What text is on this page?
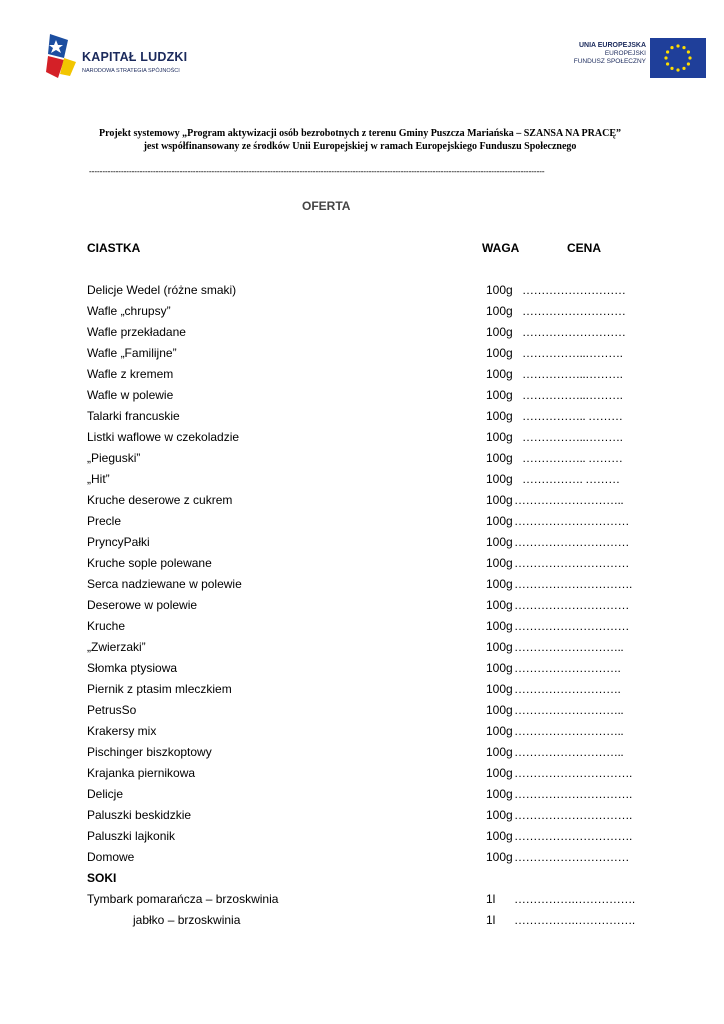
KAPITAŁ LUDZKI
NARODOWA STRATEGIA SPÓJNOŚCI
UNIA EUROPEJSKA
EUROPEJSKI
FUNDUSZ SPOŁECZNY
Projekt systemowy „Program aktywizacji osób bezrobotnych z terenu Gminy Puszcza Mariańska – SZANSA NA PRACĘ”
jest współfinansowany ze środków Unii Europejskiej w ramach Europejskiego Funduszu Społecznego
---------------------------------------------------------------------------------------------------------------------------------------------------------------------------
OFERTA
CIASTKA	WAGA	CENA
Delicje Wedel (różne smaki)	100g ………………………
Wafle „chrupsy”	100g ………………………
Wafle przekładane	100g ………………………
Wafle „Familijne”	100g ……………..……….
Wafle z kremem	100g ……………..……….
Wafle w polewie	100g ……………..……….
Talarki francuskie	100g …………….. ………
Listki waflowe w czekoladzie	100g ……………..……….
„Pieguski”	100g …………….. ………
„Hit”	100g ……………. ………
Kruche deserowe z cukrem	100g ………………………..
Precle	100g …………………………
PryncyPałki	100g …………………………
Kruche sople polewane	100g …………………………
Serca nadziewane w polewie	100g ………………………….
Deserowe w polewie	100g …………………………
Kruche	100g …………………………
„Zwierzaki”	100g ………………………..
Słomka ptysiowa	100g ……………………….
Piernik z ptasim mleczkiem	100g ……………………….
PetrusSo	100g ………………………..
Krakersy mix	100g ………………………..
Pischinger biszkoptowy	100g ………………………..
Krajanka piernikowa	100g ………………………….
Delicje	100g ………………………….
Paluszki beskidzkie	100g ………………………….
Paluszki lajkonik	100g ………………………….
Domowe	100g …………………………
SOKI
Tymbark pomarańcza – brzoskwinia	1l …………….…………….
jabłko – brzoskwinia	1l …………….…………….
